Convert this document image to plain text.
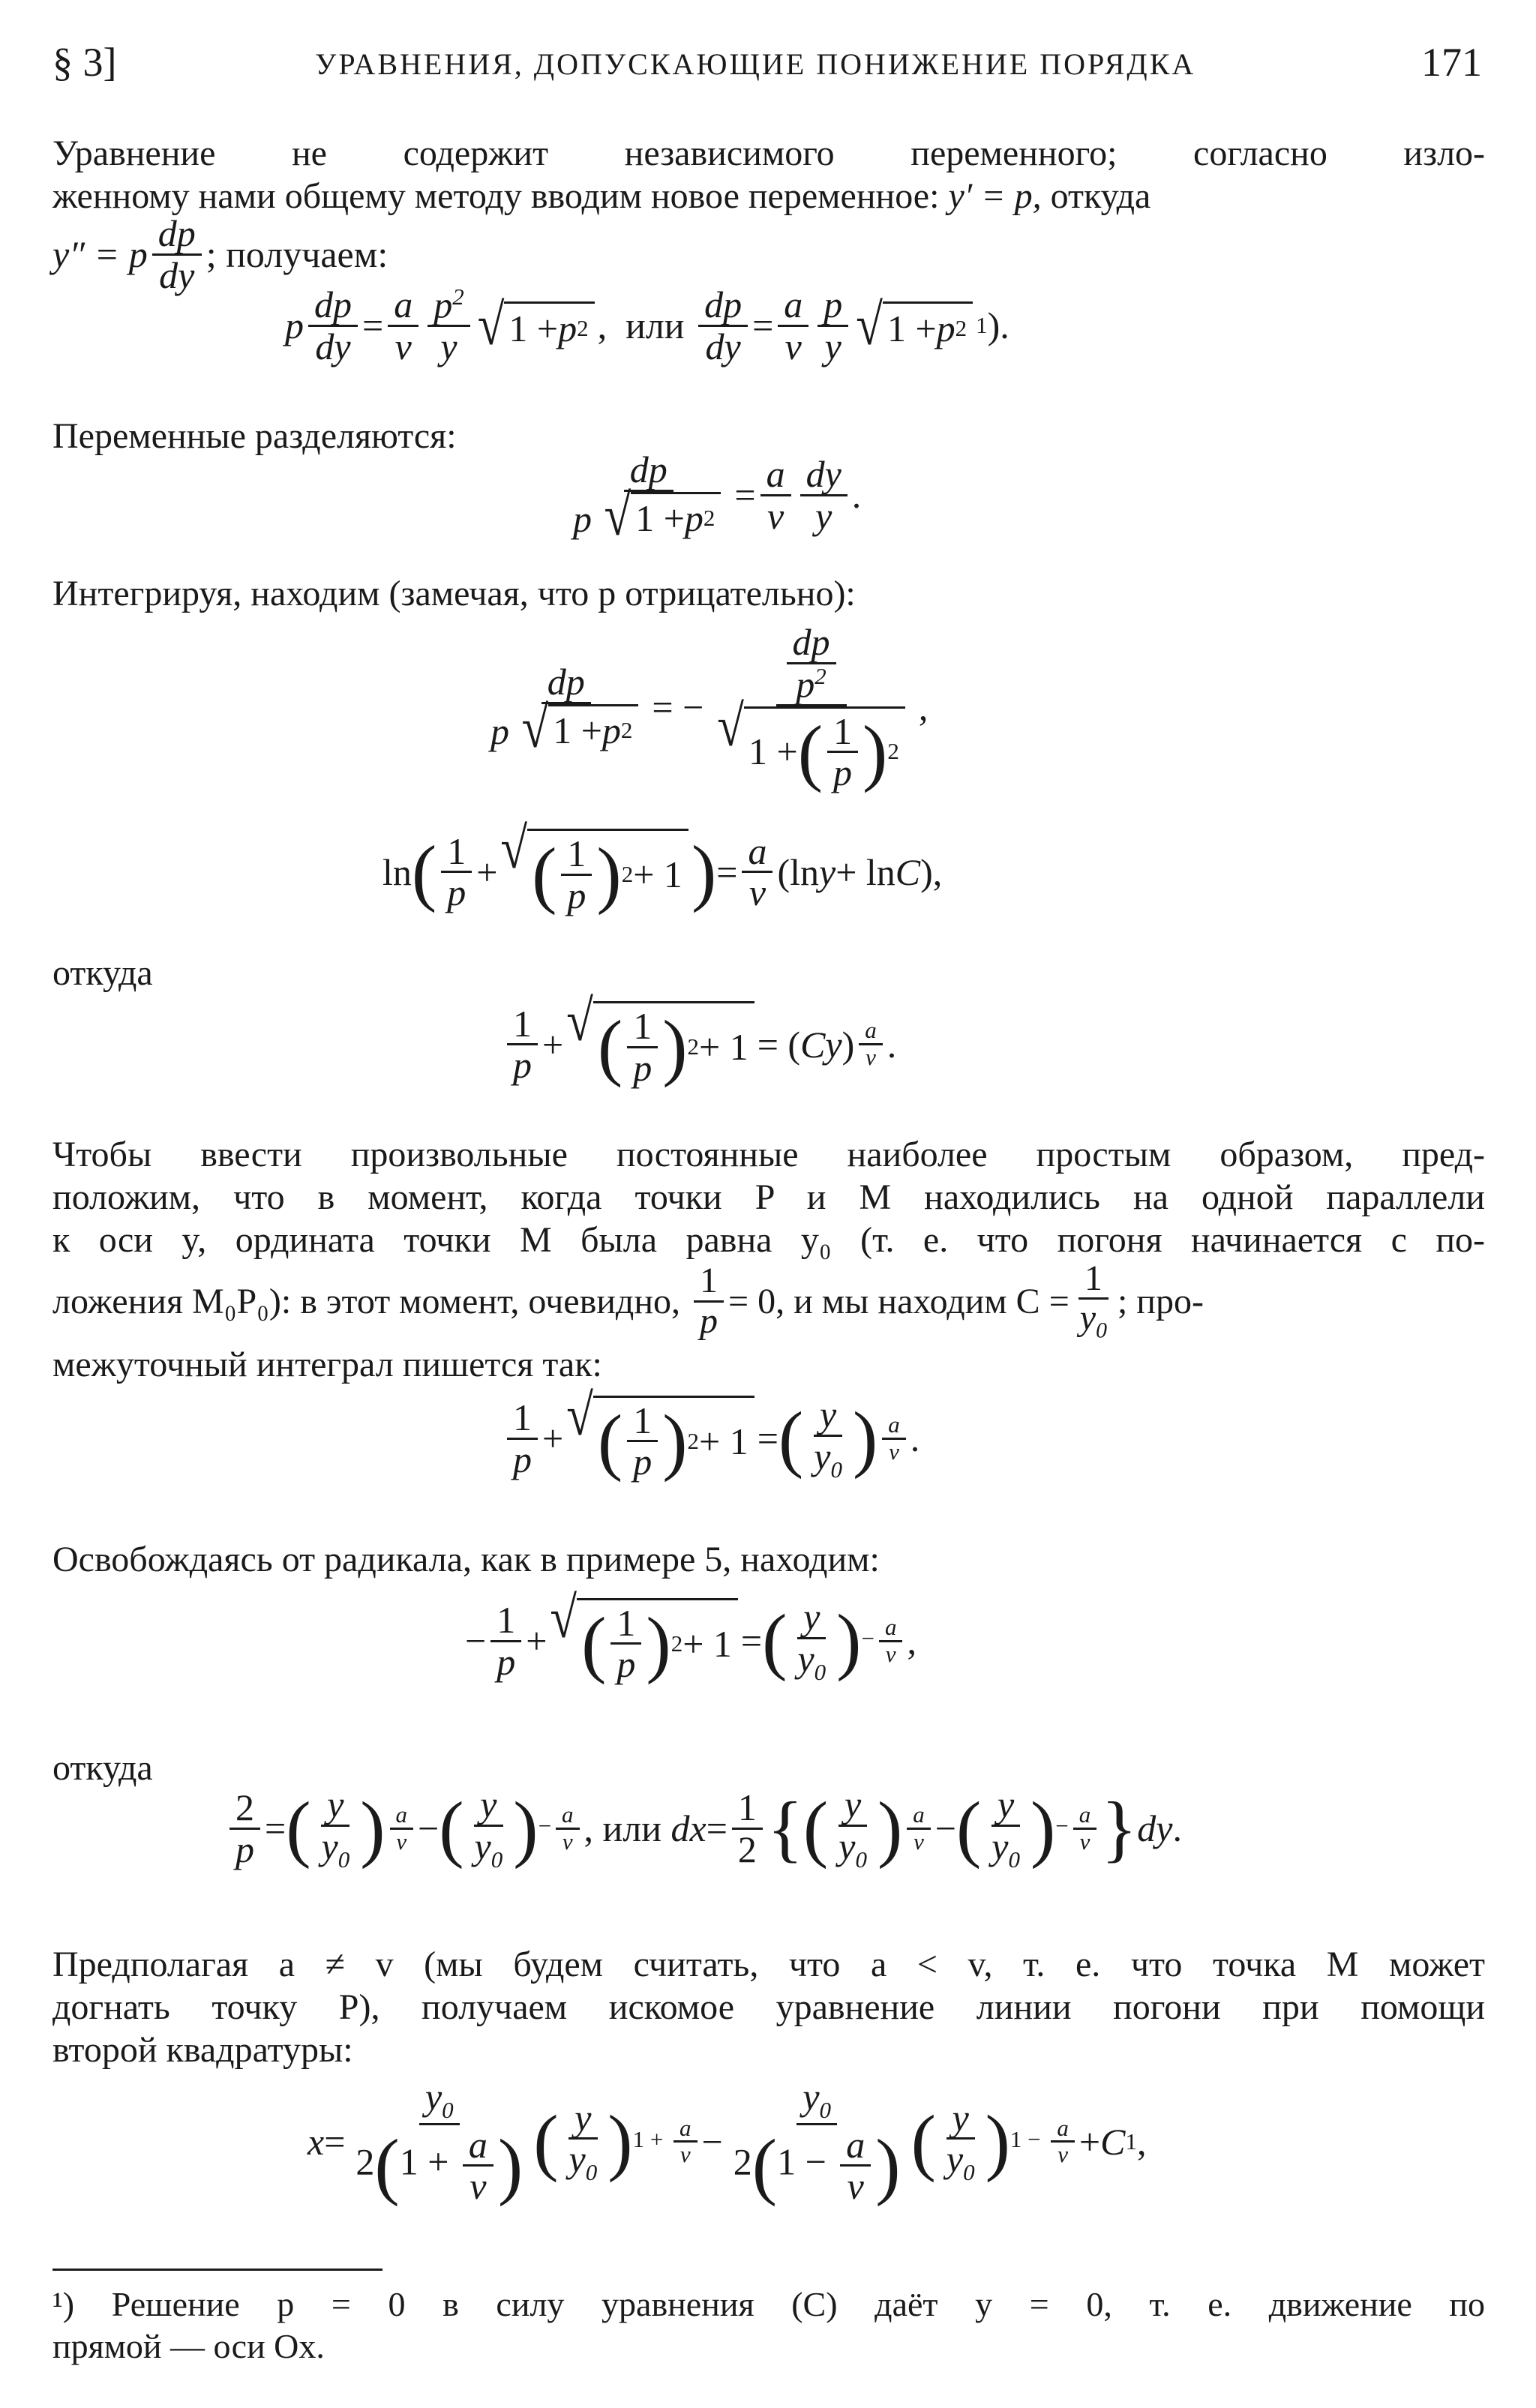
§ 3]	УРАВНЕНИЯ, ДОПУСКАЮЩИЕ ПОНИЖЕНИЕ ПОРЯДКА	171
Уравнение не содержит независимого переменного; согласно изло-
женному нами общему методу вводим новое переменное: y′ = p, откуда
y″ = p $\frac{dp}{dy}$ ; получаем:
p $\frac{dp}{dy} = \frac{a}{v} \frac{p^2}{y}$ √ 1 + p 2 , или
$\frac{dp}{dy} = \frac{a}{v} \frac{p}{y}$ √ 1 + p 2 1 ).
Переменные разделяются:
$\frac{dp}{p √ 1 + p 2} = \frac{a}{v} \frac{dy}{y}$ .
Интегрируя, находим (замечая, что p отрицательно):
$\frac{dp}{p √ 1 + p 2}$ = − $\frac{\frac{dp}{p^2}}{√ 1 + ( \frac{1}{p} ) 2}$ ,
ln ( $\frac{1}{p}$ + √ ( $\frac{1}{p}$ ) 2 + 1 ) = $\frac{a}{v} (\ln$ y + ln C ),
откуда
$\frac{1}{p}$ + √ ( $\frac{1}{p}$ ) 2 + 1 = ( Cy ) $\frac{a}{v}$ .
Чтобы ввести произвольные постоянные наиболее простым образом, пред-
положим, что в момент, когда точки P и M находились на одной параллели
к оси y, ордината точки M была равна y₀ (т. е. что погоня начинается с по-
ложения M₀P₀): в этот момент, очевидно,
$\frac{1}{p} = 0$, и мы находим $C = \frac{1}{y_0}$ ; про-
межуточный интеграл пишется так:
$\frac{1}{p}$ + √ ( $\frac{1}{p}$ ) 2 + 1 = ( $\frac{y}{y_0}$ ) $\frac{a}{v}$ .
Освобождаясь от радикала, как в примере 5, находим:
− $\frac{1}{p}$ + √ ( $\frac{1}{p}$ ) 2 + 1 = ( $\frac{y}{y_0}$ ) − $\frac{a}{v}$ ,
откуда
$\frac{2}{p}$ = ( $\frac{y}{y_0}$ ) $\frac{a}{v}$ − ( $\frac{y}{y_0}$ ) − $\frac{a}{v}$ , или
dx = $\frac{1}{2}$ { ( $\frac{y}{y_0}$ ) $\frac{a}{v}$ − ( $\frac{y}{y_0}$ ) − $\frac{a}{v}$ } dy .
Предполагая a ≠ v (мы будем считать, что a < v, т. е. что точка M может
догнать точку P), получаем искомое уравнение линии погони при помощи
второй квадратуры:
$x = \frac{y_0}{2(1 + \frac{a}{v} )}$ ( $\frac{y}{y_0}$ ) $1 + \frac{a}{v} - \frac{y_0}{2(1 - \frac{a}{v} )}$ ( $\frac{y}{y_0}$ ) $1 - \frac{a}{v} + C$ 1 ,
¹) Решение p = 0 в силу уравнения (C) даёт y = 0, т. е. движение по
прямой — оси Ox.
